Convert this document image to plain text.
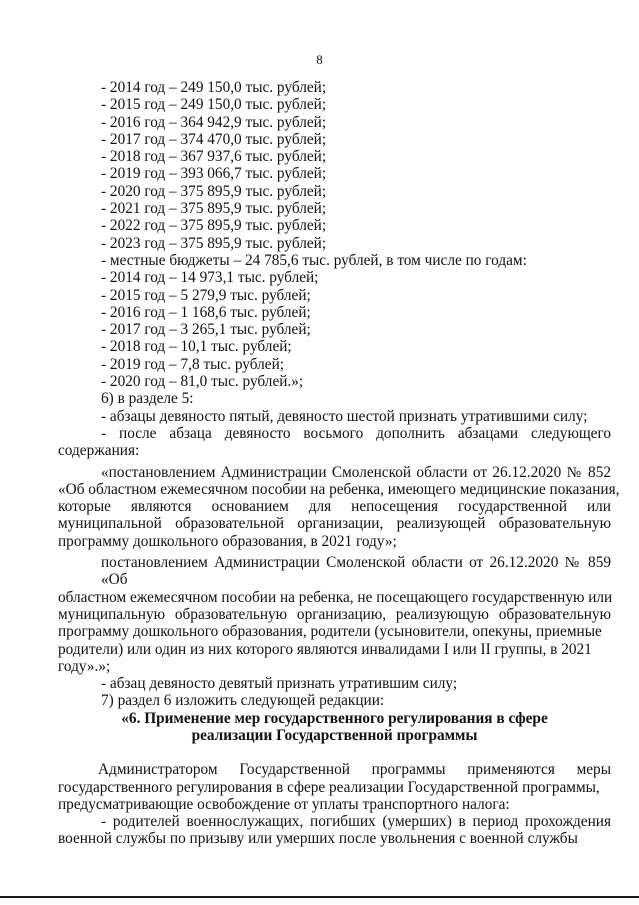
8
- 2014 год – 249 150,0 тыс. рублей;
- 2015 год – 249 150,0 тыс. рублей;
- 2016 год – 364 942,9 тыс. рублей;
- 2017 год – 374 470,0 тыс. рублей;
- 2018 год – 367 937,6 тыс. рублей;
- 2019 год – 393 066,7 тыс. рублей;
- 2020 год – 375 895,9 тыс. рублей;
- 2021 год – 375 895,9 тыс. рублей;
- 2022 год – 375 895,9 тыс. рублей;
- 2023 год – 375 895,9 тыс. рублей;
- местные бюджеты – 24 785,6 тыс. рублей, в том числе по годам:
- 2014 год – 14 973,1 тыс. рублей;
- 2015 год – 5 279,9 тыс. рублей;
- 2016 год – 1 168,6 тыс. рублей;
- 2017 год – 3 265,1 тыс. рублей;
- 2018 год – 10,1 тыс. рублей;
- 2019 год – 7,8 тыс. рублей;
- 2020 год – 81,0 тыс. рублей.»;
6) в разделе 5:
- абзацы девяносто пятый, девяносто шестой признать утратившими силу;
- после абзаца девяносто восьмого дополнить абзацами следующего
содержания:
«постановлением Администрации Смоленской области от 26.12.2020 № 852
«Об областном ежемесячном пособии на ребенка, имеющего медицинские показания,
которые являются основанием для непосещения государственной или
муниципальной образовательной организации, реализующей образовательную
программу дошкольного образования, в 2021 году»;
постановлением Администрации Смоленской области от 26.12.2020 № 859 «Об
областном ежемесячном пособии на ребенка, не посещающего государственную или
муниципальную образовательную организацию, реализующую образовательную
программу дошкольного образования, родители (усыновители, опекуны, приемные
родители) или один из них которого являются инвалидами I или II группы, в 2021
году».»;
- абзац девяносто девятый признать утратившим силу;
7) раздел 6 изложить следующей редакции:
«6. Применение мер государственного регулирования в сфере
реализации Государственной программы
Администратором Государственной программы применяются меры
государственного регулирования в сфере реализации Государственной программы,
предусматривающие освобождение от уплаты транспортного налога:
- родителей военнослужащих, погибших (умерших) в период прохождения
военной службы по призыву или умерших после увольнения с военной службы
